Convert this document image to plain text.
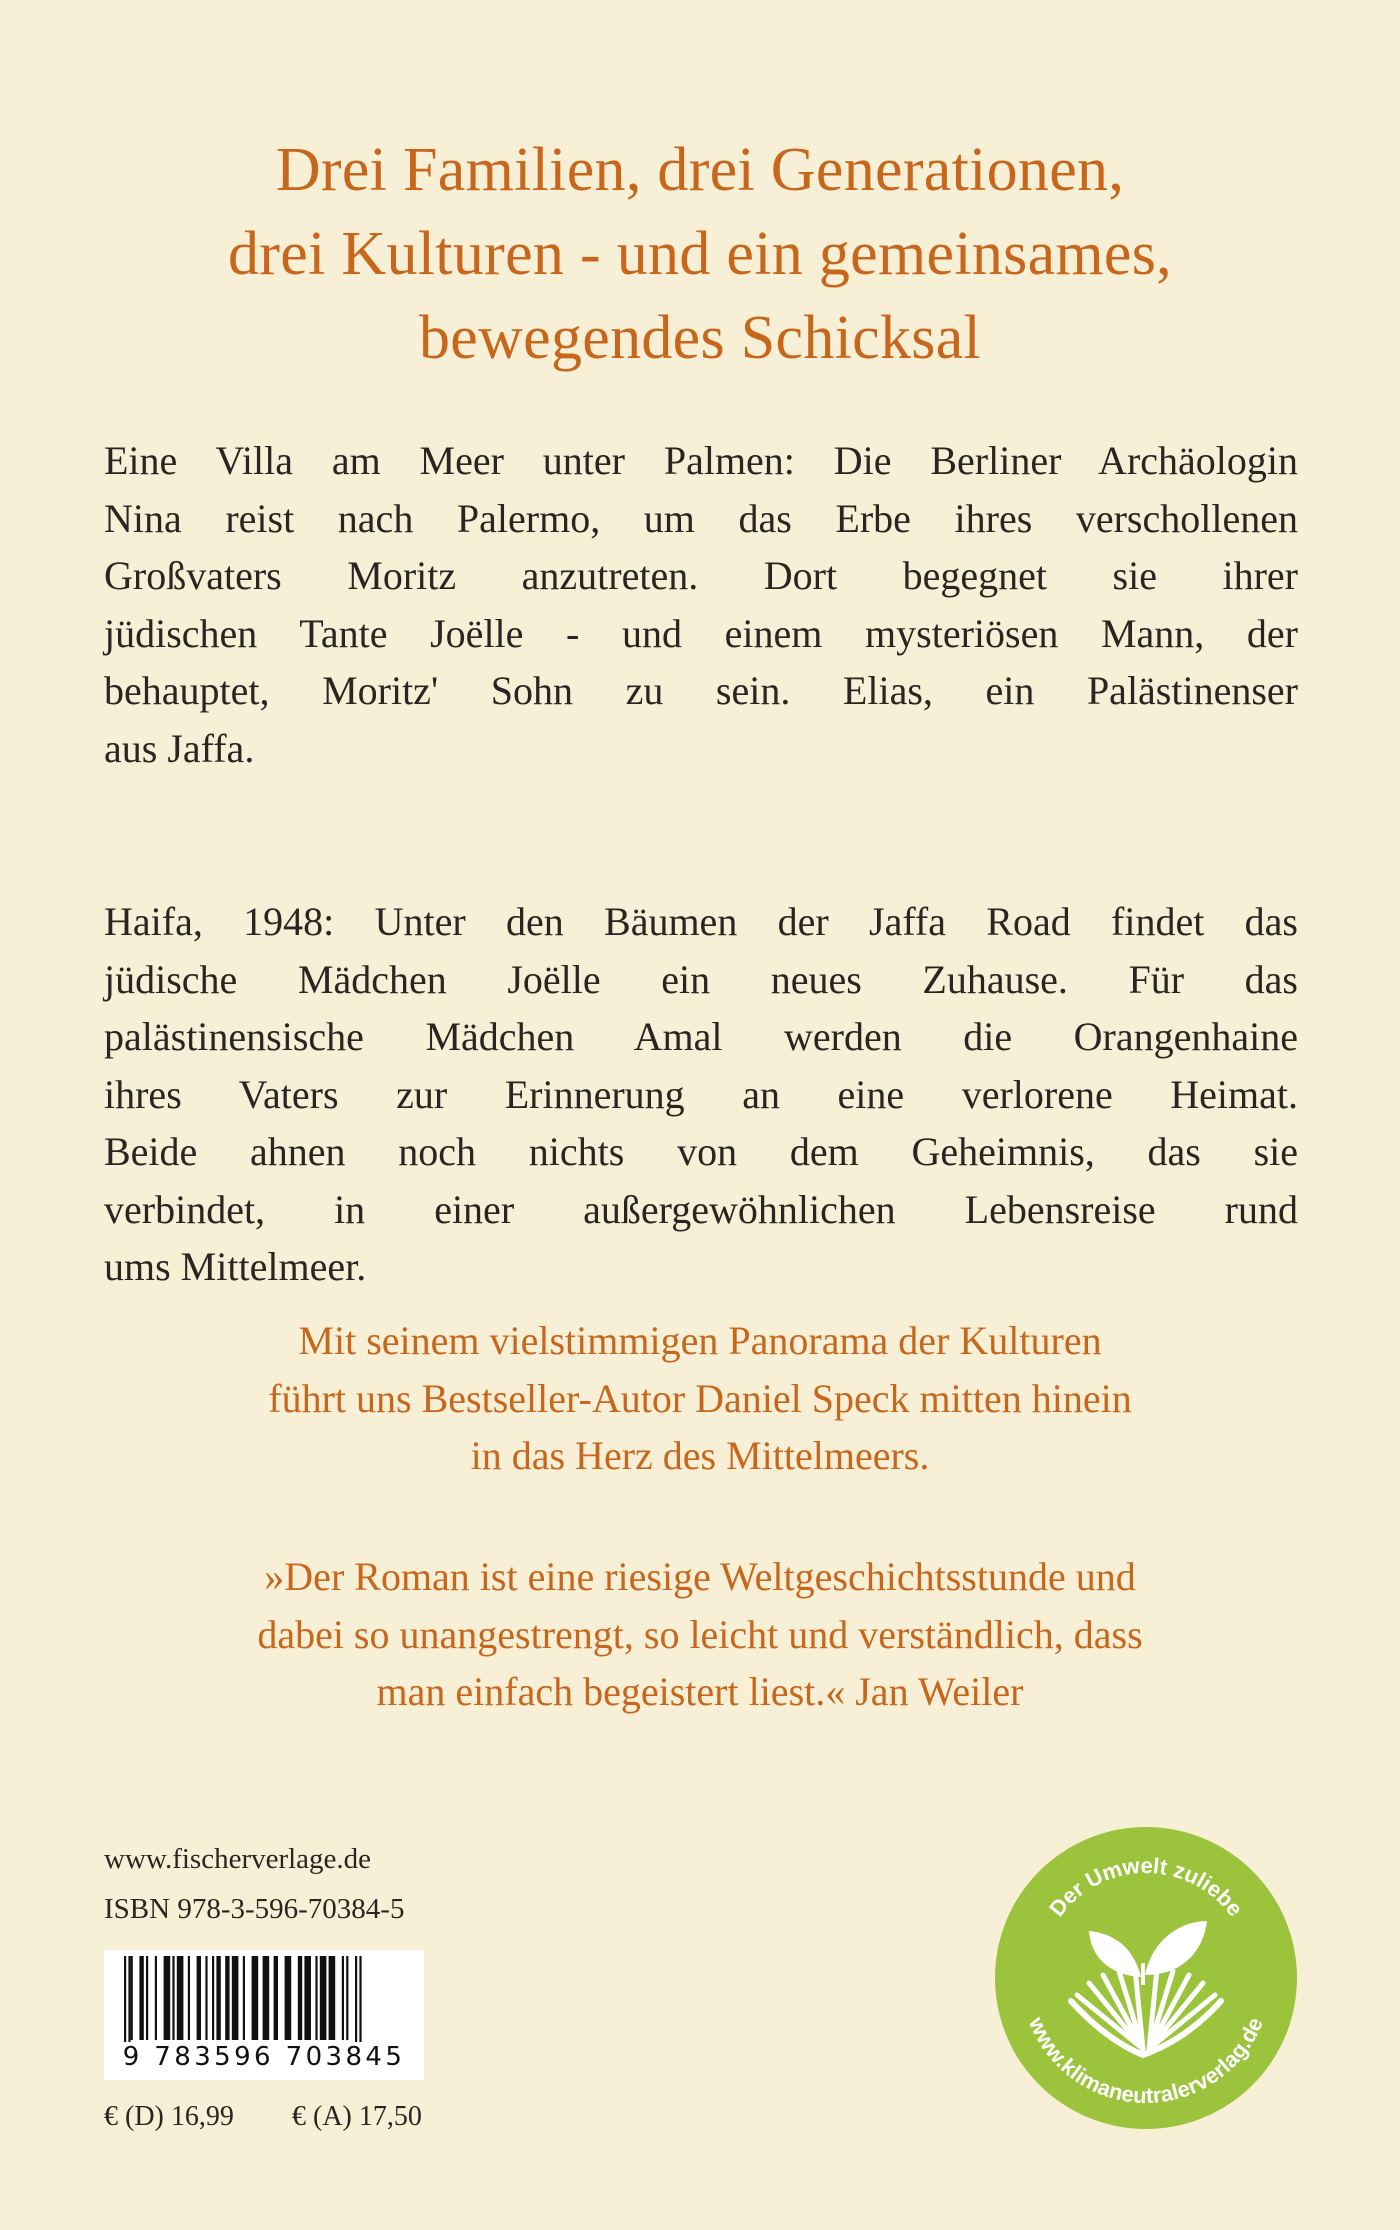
Drei Familien, drei Generationen,
drei Kulturen - und ein gemeinsames,
bewegendes Schicksal
Eine Villa am Meer unter Palmen: Die Berliner Archäologin
Nina reist nach Palermo, um das Erbe ihres verschollenen
Großvaters Moritz anzutreten. Dort begegnet sie ihrer
jüdischen Tante Joëlle - und einem mysteriösen Mann, der
behauptet, Moritz' Sohn zu sein. Elias, ein Palästinenser
aus Jaffa.
Haifa, 1948: Unter den Bäumen der Jaffa Road findet das
jüdische Mädchen Joëlle ein neues Zuhause. Für das
palästinensische Mädchen Amal werden die Orangenhaine
ihres Vaters zur Erinnerung an eine verlorene Heimat.
Beide ahnen noch nichts von dem Geheimnis, das sie
verbindet, in einer außergewöhnlichen Lebensreise rund
ums Mittelmeer.
Mit seinem vielstimmigen Panorama der Kulturen
führt uns Bestseller-Autor Daniel Speck mitten hinein
in das Herz des Mittelmeers.
»Der Roman ist eine riesige Weltgeschichtsstunde und
dabei so unangestrengt, so leicht und verständlich, dass
man einfach begeistert liest.« Jan Weiler
www.fischerverlage.de
ISBN 978-3-596-70384-5
9 783596 703845
€ (D) 16,99 € (A) 17,50
Der Umwelt zuliebe
www.klimaneutralerverlag.de
